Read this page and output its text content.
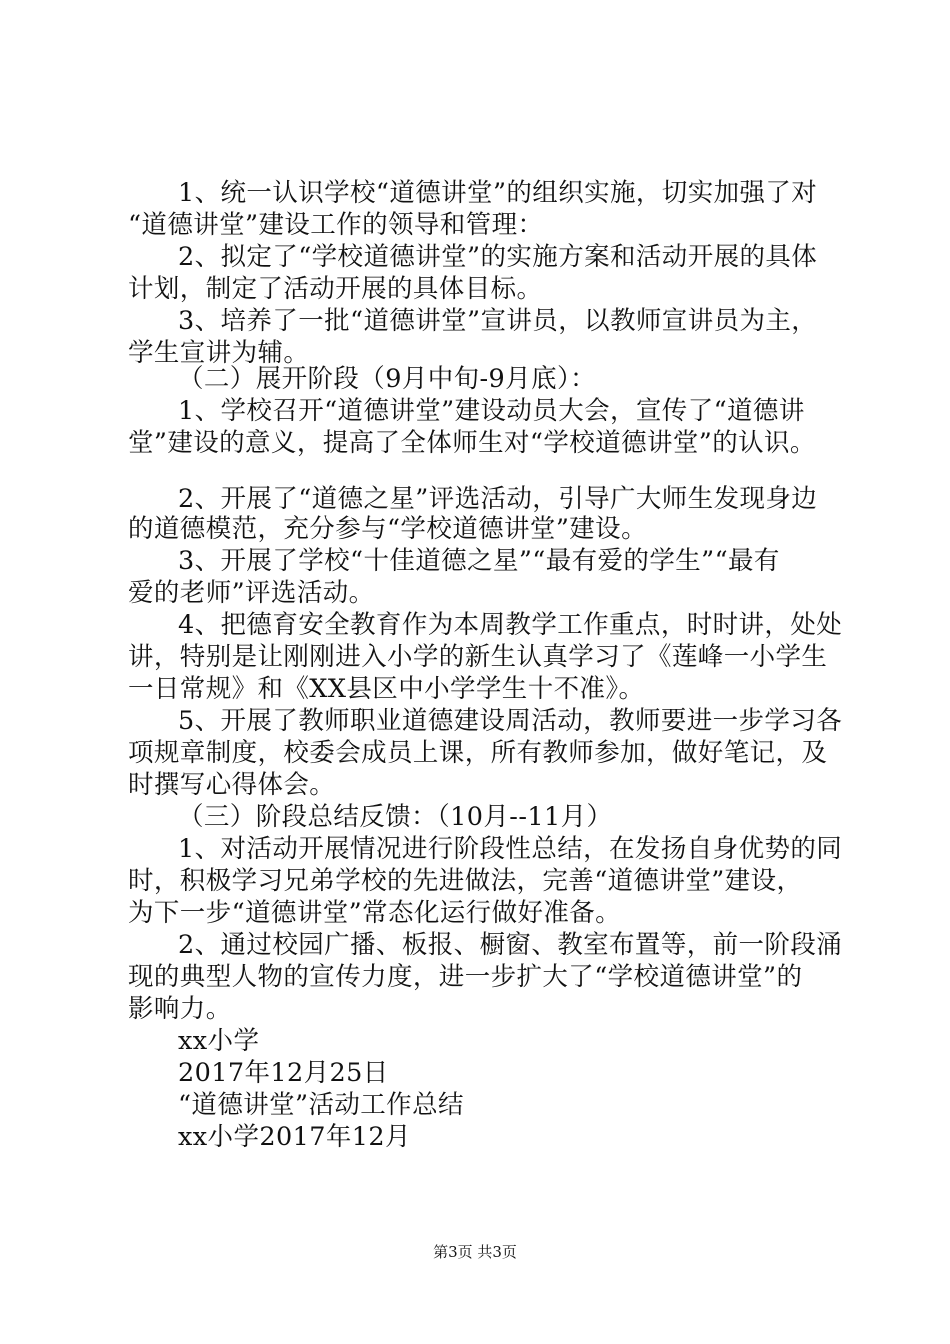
1、统一认识学校“道德讲堂”的组织实施，切实加强了对
“道德讲堂”建设工作的领导和管理：
2、拟定了“学校道德讲堂”的实施方案和活动开展的具体
计划，制定了活动开展的具体目标。
3、培养了一批“道德讲堂”宣讲员，以教师宣讲员为主，
学生宣讲为辅。
（二）展开阶段（9月中旬-9月底）：
1、学校召开“道德讲堂”建设动员大会，宣传了“道德讲
堂”建设的意义，提高了全体师生对“学校道德讲堂”的认识。
2、开展了“道德之星”评选活动，引导广大师生发现身边
的道德模范，充分参与“学校道德讲堂”建设。
3、开展了学校“十佳道德之星”“最有爱的学生”“最有
爱的老师”评选活动。
4、把德育安全教育作为本周教学工作重点，时时讲，处处
讲，特别是让刚刚进入小学的新生认真学习了《莲峰一小学生
一日常规》和《XX县区中小学学生十不准》。
5、开展了教师职业道德建设周活动，教师要进一步学习各
项规章制度，校委会成员上课，所有教师参加，做好笔记，及
时撰写心得体会。
（三）阶段总结反馈：（10月--11月）
1、对活动开展情况进行阶段性总结，在发扬自身优势的同
时，积极学习兄弟学校的先进做法，完善“道德讲堂”建设，
为下一步“道德讲堂”常态化运行做好准备。
2、通过校园广播、板报、橱窗、教室布置等，前一阶段涌
现的典型人物的宣传力度，进一步扩大了“学校道德讲堂”的
影响力。
xx小学
2017年12月25日
“道德讲堂”活动工作总结
xx小学2017年12月
第3页 共3页
